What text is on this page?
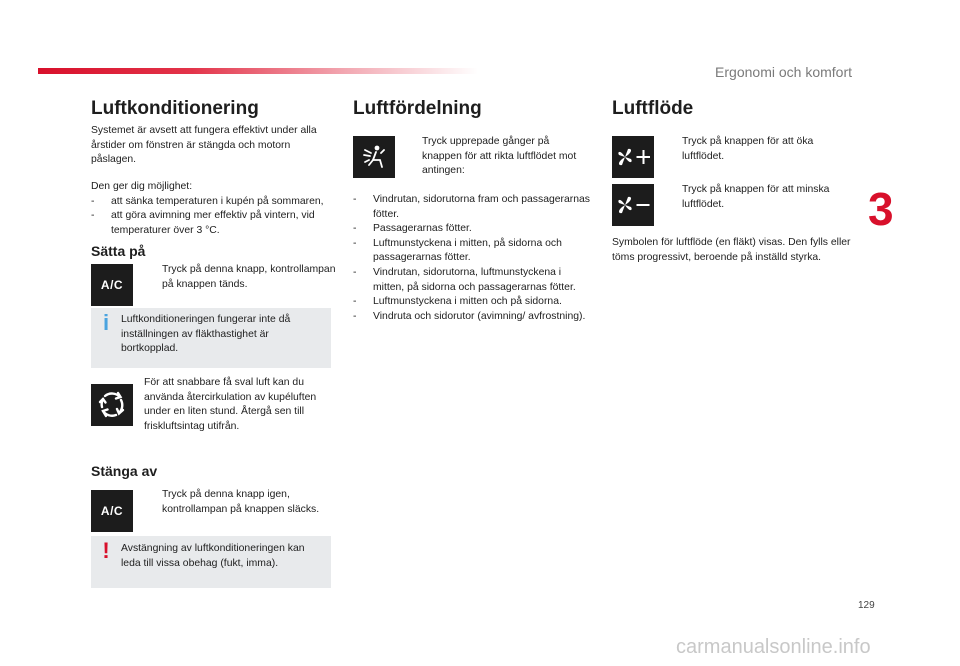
Ergonomi och komfort
3
129
Luftkonditionering
Systemet är avsett att fungera effektivt under alla årstider om fönstren är stängda och motorn påslagen.
Den ger dig möjlighet:
-	att sänka temperaturen i kupén på sommaren,
-	att göra avimning mer effektiv på vintern, vid temperaturer över 3 °C.
Sätta på
A/C
Tryck på denna knapp, kontrollampan på knappen tänds.
i	Luftkonditioneringen fungerar inte då inställningen av fläkthastighet är bortkopplad.
För att snabbare få sval luft kan du använda återcirkulation av kupéluften under en liten stund. Återgå sen till friskluftsintag utifrån.
Stänga av
A/C
Tryck på denna knapp igen, kontrollampan på knappen släcks.
!	Avstängning av luftkonditioneringen kan leda till vissa obehag (fukt, imma).
Luftfördelning
Tryck upprepade gånger på knappen för att rikta luftflödet mot antingen:
-	Vindrutan, sidorutorna fram och passagerarnas fötter.
-	Passagerarnas fötter.
-	Luftmunstyckena i mitten, på sidorna och passagerarnas fötter.
-	Vindrutan, sidorutorna, luftmunstyckena i mitten, på sidorna och passagerarnas fötter.
-	Luftmunstyckena i mitten och på sidorna.
-	Vindruta och sidorutor (avimning/ avfrostning).
Luftflöde
Tryck på knappen för att öka luftflödet.
Tryck på knappen för att minska luftflödet.
Symbolen för luftflöde (en fläkt) visas. Den fylls eller töms progressivt, beroende på inställd styrka.
carmanualsonline.info
